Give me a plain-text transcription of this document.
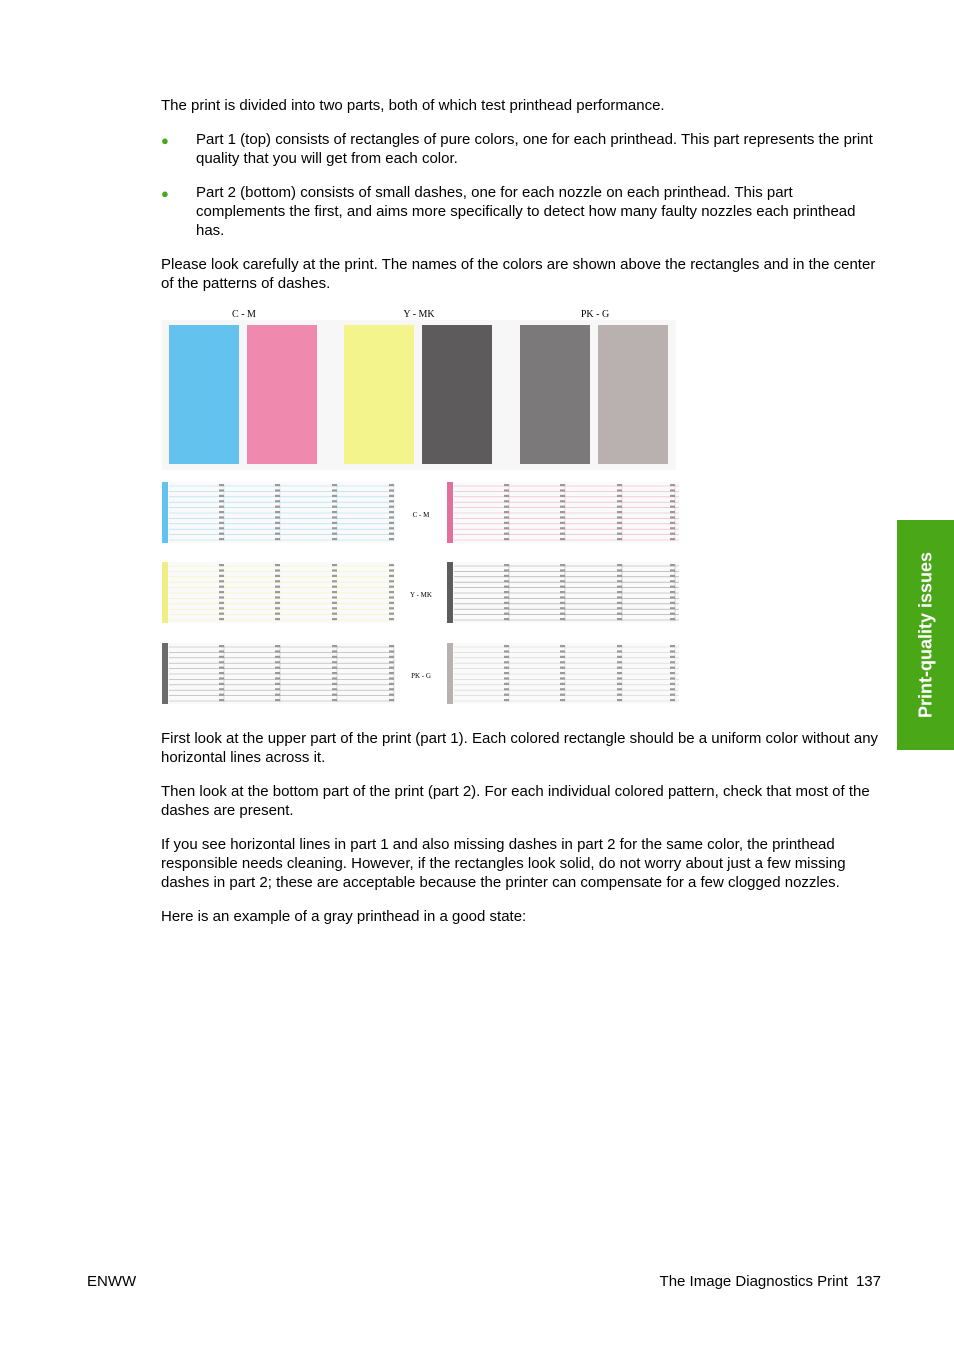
The print is divided into two parts, both of which test printhead performance.

● Part 1 (top) consists of rectangles of pure colors, one for each printhead. This part represents the print quality that you will get from each color.

● Part 2 (bottom) consists of small dashes, one for each nozzle on each printhead. This part complements the first, and aims more specifically to detect how many faulty nozzles each printhead has.

Please look carefully at the print. The names of the colors are shown above the rectangles and in the center of the patterns of dashes.

C - M	Y - MK	PK - G
C - M
Y - MK
PK - G

First look at the upper part of the print (part 1). Each colored rectangle should be a uniform color without any horizontal lines across it.

Then look at the bottom part of the print (part 2). For each individual colored pattern, check that most of the dashes are present.

If you see horizontal lines in part 1 and also missing dashes in part 2 for the same color, the printhead responsible needs cleaning. However, if the rectangles look solid, do not worry about just a few missing dashes in part 2; these are acceptable because the printer can compensate for a few clogged nozzles.

Here is an example of a gray printhead in a good state:

Print-quality issues
ENWW	The Image Diagnostics Print 137
